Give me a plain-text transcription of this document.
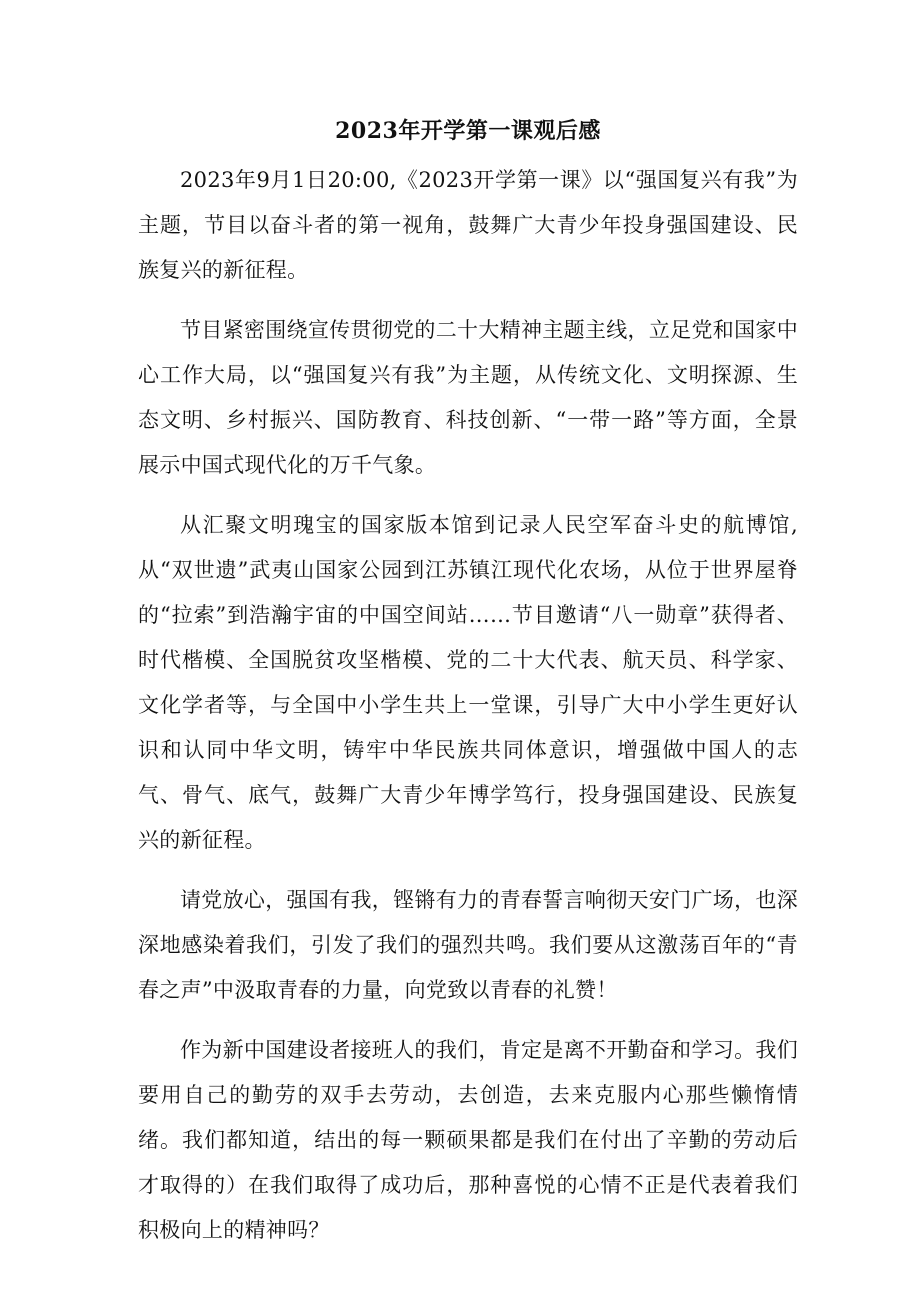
2023年开学第一课观后感

2023年9月1日20:00,《2023开学第一课》以“强国复兴有我”为主题，节目以奋斗者的第一视角，鼓舞广大青少年投身强国建设、民族复兴的新征程。

节目紧密围绕宣传贯彻党的二十大精神主题主线，立足党和国家中心工作大局，以“强国复兴有我”为主题，从传统文化、文明探源、生态文明、乡村振兴、国防教育、科技创新、“一带一路”等方面，全景展示中国式现代化的万千气象。

从汇聚文明瑰宝的国家版本馆到记录人民空军奋斗史的航博馆,从“双世遗”武夷山国家公园到江苏镇江现代化农场，从位于世界屋脊的“拉索”到浩瀚宇宙的中国空间站……节目邀请“八一勋章”获得者、时代楷模、全国脱贫攻坚楷模、党的二十大代表、航天员、科学家、文化学者等，与全国中小学生共上一堂课，引导广大中小学生更好认识和认同中华文明，铸牢中华民族共同体意识，增强做中国人的志气、骨气、底气，鼓舞广大青少年博学笃行，投身强国建设、民族复兴的新征程。

请党放心，强国有我，铿锵有力的青春誓言响彻天安门广场，也深深地感染着我们，引发了我们的强烈共鸣。我们要从这激荡百年的“青春之声”中汲取青春的力量，向党致以青春的礼赞！

作为新中国建设者接班人的我们，肯定是离不开勤奋和学习。我们要用自己的勤劳的双手去劳动，去创造，去来克服内心那些懒惰情绪。我们都知道，结出的每一颗硕果都是我们在付出了辛勤的劳动后才取得的）在我们取得了成功后，那种喜悦的心情不正是代表着我们积极向上的精神吗？
